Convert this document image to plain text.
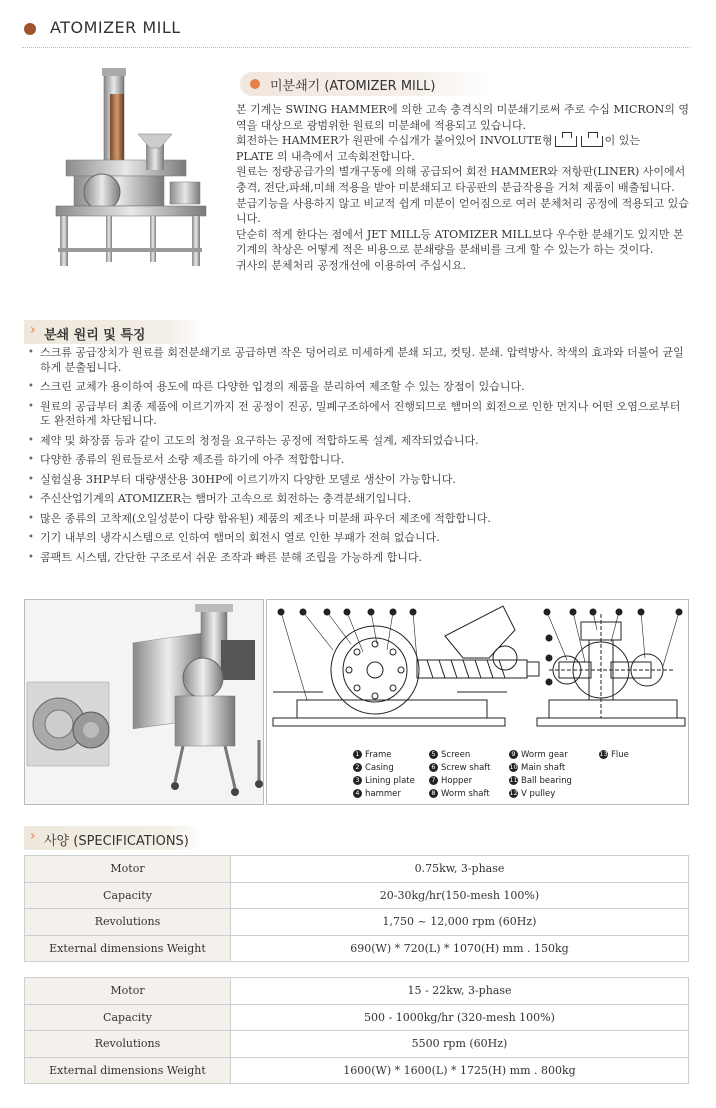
ATOMIZER MILL
미분쇄기 (ATOMIZER MILL)

본 기계는 SWING HAMMER에 의한 고속 충격식의 미분쇄기로써 주로 수십 MICRON의 영역을 대상으로 광범위한 원료의 미분쇄에 적용되고 있습니다.

회전하는 HAMMER가 원판에 수십개가 붙어있어 INVOLUTE형	이 있는
PLATE 의 내측에서 고속회전합니다.

원료는 정량공급가의 별개구동에 의해 공급되어 회전 HAMMER와 저항판(LINER) 사이에서 충격, 전단,파쇄,미쇄 적용을 받아 미분쇄되고 타공판의 분급작용을 거쳐 제품이 배출됩니다.

분급기능을 사용하지 않고 비교적 쉽게 미분이 얻어짐으로 여러 분체처리 공정에 적용되고 있습니다.

단순히 적게 한다는 점에서 JET MILL등 ATOMIZER MILL보다 우수한 분쇄기도 있지만 본 기계의 착상은 어떻게 적은 비용으로 분쇄량을 분쇄비를 크게 할 수 있는가 하는 것이다.

귀사의 분체처리 공정개선에 이용하여 주십시요.

› 분쇄 원리 및 특징
• 스크류 공급장치가 원료를 회전분쇄기로 공급하면 작은 덩어리로 미세하게 분쇄 되고, 컷팅. 분쇄. 압력방사. 착색의 효과와 더불어 균일하게 분출됩니다.
• 스크린 교체가 용이하여 용도에 따른 다양한 입경의 제품을 분리하여 제조할 수 있는 장점이 있습니다.
• 원료의 공급부터 최종 제품에 이르기까지 전 공정이 진공, 밀폐구조하에서 진행되므로 햄머의 회전으로 인한 먼지나 어떤 오염으로부터도 완전하게 차단됩니다.
• 제약 및 화장품 등과 같이 고도의 청정을 요구하는 공정에 적합하도록 설계, 제작되었습니다.
• 다양한 종류의 원료들로서 소량 제조를 하기에 아주 적합합니다.
• 실험실용 3HP부터 대량생산용 30HP에 이르기까지 다양한 모델로 생산이 가능합니다.
• 주신산업기계의 ATOMIZER는 햄머가 고속으로 회전하는 충격분쇄기입니다.
• 많은 종류의 고착제(오일성분이 다량 함유된) 제품의 제조나 미분쇄 파우더 제조에 적합합니다.
• 기기 내부의 냉각시스템으로 인하여 햄머의 회전시 열로 인한 부패가 전혀 없습니다.
• 콤팩트 시스템, 간단한 구조로서 쉬운 조작과 빠른 분해 조립을 가능하게 합니다.
1 Frame
2 Casing
3 Lining plate
4 hammer
5 Screen
6 Screw shaft
7 Hopper
8 Worm shaft
9 Worm gear
10 Main shaft
11 Ball bearing
12 V pulley
13 Flue
› 사양 (SPECIFICATIONS)
Motor	0.75kw, 3-phase
Capacity	20-30kg/hr(150-mesh 100%)
Revolutions	1,750 ~ 12,000 rpm (60Hz)
External dimensions Weight	690(W) * 720(L) * 1070(H) mm . 150kg
Motor	15 - 22kw, 3-phase
Capacity	500 - 1000kg/hr (320-mesh 100%)
Revolutions	5500 rpm (60Hz)
External dimensions Weight	1600(W) * 1600(L) * 1725(H) mm . 800kg
